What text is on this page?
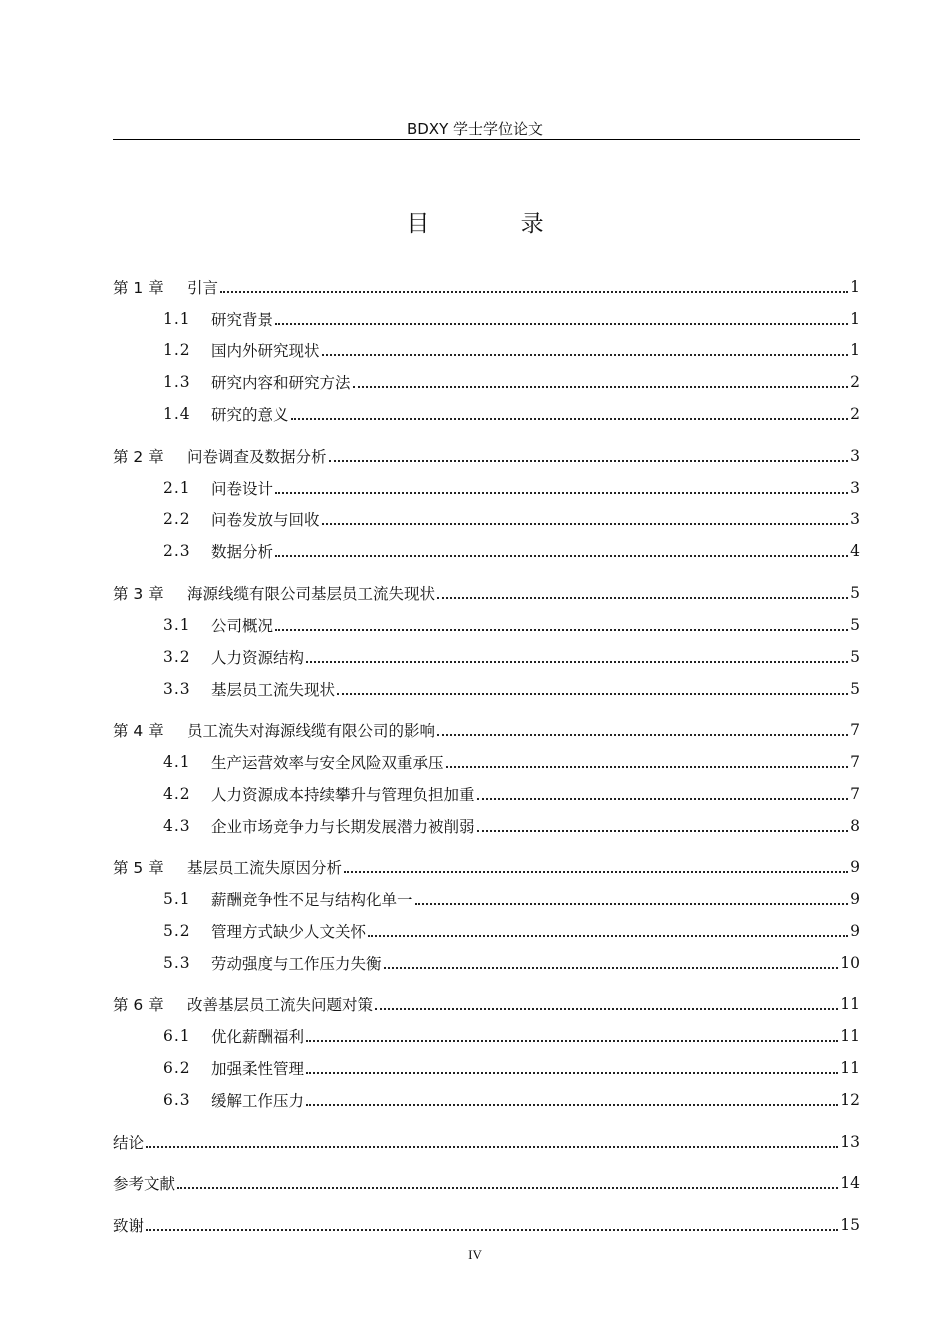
BDXY 学士学位论文
目 录
第 1 章	引言	1
1.1	研究背景	1
1.2	国内外研究现状	1
1.3	研究内容和研究方法	2
1.4	研究的意义	2
第 2 章	问卷调查及数据分析	3
2.1	问卷设计	3
2.2	问卷发放与回收	3
2.3	数据分析	4
第 3 章	海源线缆有限公司基层员工流失现状	5
3.1	公司概况	5
3.2	人力资源结构	5
3.3	基层员工流失现状	5
第 4 章	员工流失对海源线缆有限公司的影响	7
4.1	生产运营效率与安全风险双重承压	7
4.2	人力资源成本持续攀升与管理负担加重	7
4.3	企业市场竞争力与长期发展潜力被削弱	8
第 5 章	基层员工流失原因分析	9
5.1	薪酬竞争性不足与结构化单一	9
5.2	管理方式缺少人文关怀	9
5.3	劳动强度与工作压力失衡	10
第 6 章	改善基层员工流失问题对策	11
6.1	优化薪酬福利	11
6.2	加强柔性管理	11
6.3	缓解工作压力	12
结论	13
参考文献	14
致谢	15
IV
